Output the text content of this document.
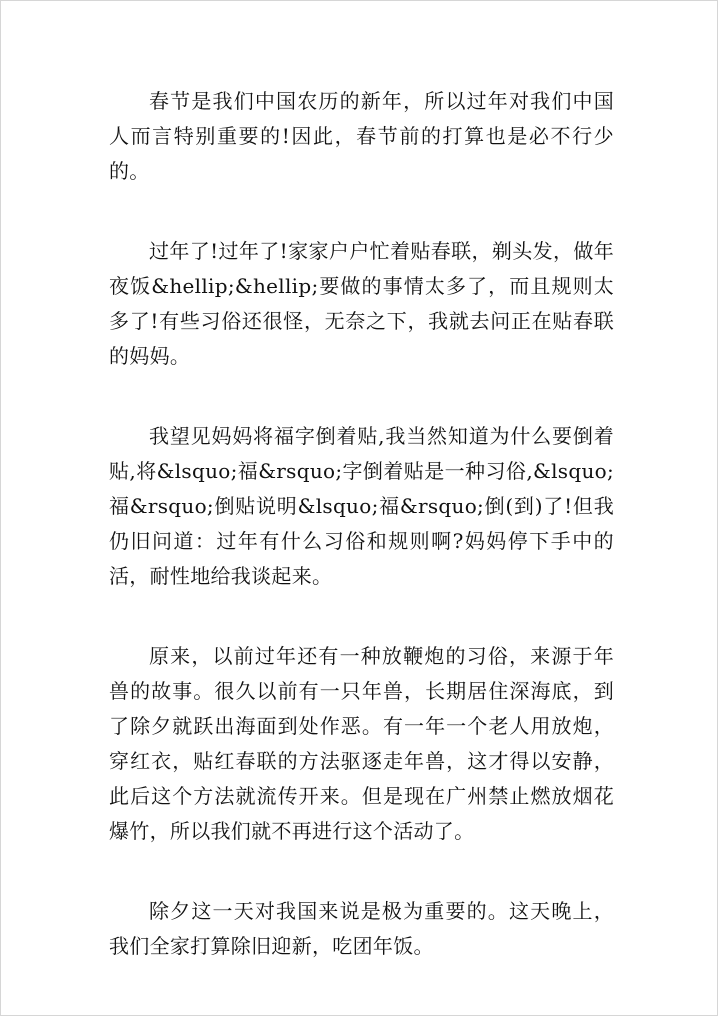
春节是我们中国农历的新年，所以过年对我们中国人而言特别重要的!因此，春节前的打算也是必不行少的。

过年了!过年了!家家户户忙着贴春联，剃头发，做年夜饭&hellip;&hellip;要做的事情太多了，而且规则太多了!有些习俗还很怪，无奈之下，我就去问正在贴春联的妈妈。

我望见妈妈将福字倒着贴,我当然知道为什么要倒着贴,将&lsquo;福&rsquo;字倒着贴是一种习俗,&lsquo;福&rsquo;倒贴说明&lsquo;福&rsquo;倒(到)了!但我仍旧问道：过年有什么习俗和规则啊?妈妈停下手中的活，耐性地给我谈起来。

原来，以前过年还有一种放鞭炮的习俗，来源于年兽的故事。很久以前有一只年兽，长期居住深海底，到了除夕就跃出海面到处作恶。有一年一个老人用放炮，穿红衣，贴红春联的方法驱逐走年兽，这才得以安静，此后这个方法就流传开来。但是现在广州禁止燃放烟花爆竹，所以我们就不再进行这个活动了。

除夕这一天对我国来说是极为重要的。这天晚上，我们全家打算除旧迎新，吃团年饭。
